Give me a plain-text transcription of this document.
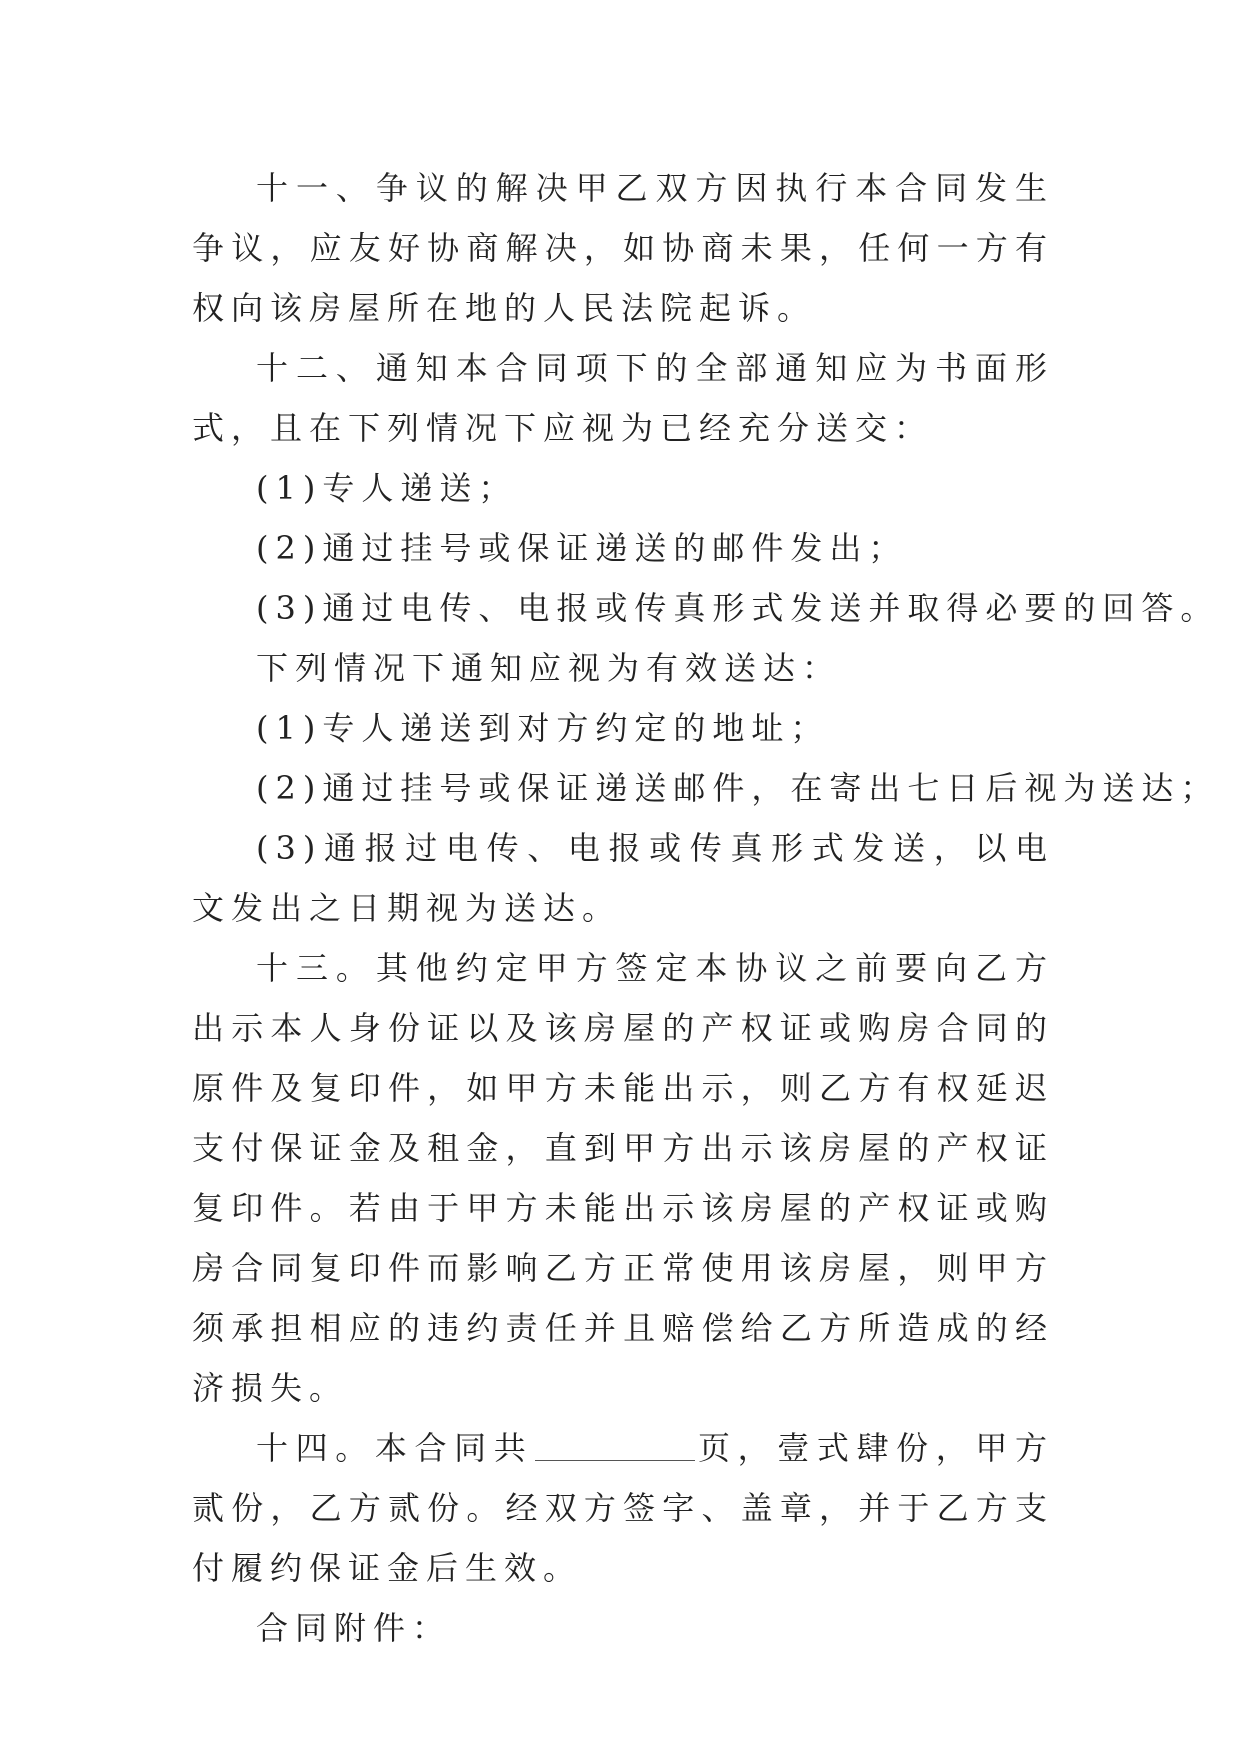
十一、争议的解决甲乙双方因执行本合同发生争议，应友好协商解决，如协商未果，任何一方有权向该房屋所在地的人民法院起诉。

十二、通知本合同项下的全部通知应为书面形式，且在下列情况下应视为已经充分送交：

(1)专人递送；

(2)通过挂号或保证递送的邮件发出；

(3)通过电传、电报或传真形式发送并取得必要的回答。

下列情况下通知应视为有效送达：

(1)专人递送到对方约定的地址；

(2)通过挂号或保证递送邮件，在寄出七日后视为送达；

(3)通报过电传、电报或传真形式发送，以电文发出之日期视为送达。

十三。其他约定甲方签定本协议之前要向乙方出示本人身份证以及该房屋的产权证或购房合同的原件及复印件，如甲方未能出示，则乙方有权延迟支付保证金及租金，直到甲方出示该房屋的产权证复印件。若由于甲方未能出示该房屋的产权证或购房合同复印件而影响乙方正常使用该房屋，则甲方须承担相应的违约责任并且赔偿给乙方所造成的经济损失。

十四。本合同共	页，壹式肆份，甲方贰份，乙方贰份。经双方签字、盖章，并于乙方支付履约保证金后生效。

合同附件：
